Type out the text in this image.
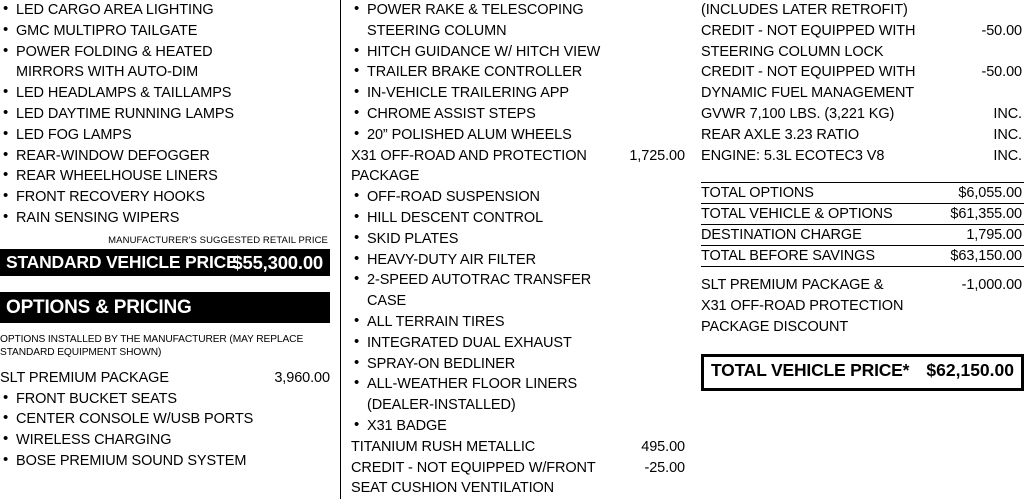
• LED CARGO AREA LIGHTING
• GMC MULTIPRO TAILGATE
• POWER FOLDING & HEATED
MIRRORS WITH AUTO-DIM
• LED HEADLAMPS & TAILLAMPS
• LED DAYTIME RUNNING LAMPS
• LED FOG LAMPS
• REAR-WINDOW DEFOGGER
• REAR WHEELHOUSE LINERS
• FRONT RECOVERY HOOKS
• RAIN SENSING WIPERS
MANUFACTURER'S SUGGESTED RETAIL PRICE
STANDARD VEHICLE PRICE
$55,300.00
OPTIONS & PRICING
OPTIONS INSTALLED BY THE MANUFACTURER (MAY REPLACE STANDARD EQUIPMENT SHOWN)
SLT PREMIUM PACKAGE	3,960.00
• FRONT BUCKET SEATS
• CENTER CONSOLE W/USB PORTS
• WIRELESS CHARGING
• BOSE PREMIUM SOUND SYSTEM
• POWER RAKE & TELESCOPING
STEERING COLUMN
• HITCH GUIDANCE W/ HITCH VIEW
• TRAILER BRAKE CONTROLLER
• IN-VEHICLE TRAILERING APP
• CHROME ASSIST STEPS
• 20” POLISHED ALUM WHEELS
X31 OFF-ROAD AND PROTECTION	1,725.00
PACKAGE
• OFF-ROAD SUSPENSION
• HILL DESCENT CONTROL
• SKID PLATES
• HEAVY-DUTY AIR FILTER
• 2-SPEED AUTOTRAC TRANSFER
CASE
• ALL TERRAIN TIRES
• INTEGRATED DUAL EXHAUST
• SPRAY-ON BEDLINER
• ALL-WEATHER FLOOR LINERS
(DEALER-INSTALLED)
• X31 BADGE
TITANIUM RUSH METALLIC	495.00
CREDIT - NOT EQUIPPED W/FRONT	-25.00
SEAT CUSHION VENTILATION
(INCLUDES LATER RETROFIT)
CREDIT - NOT EQUIPPED WITH	-50.00
STEERING COLUMN LOCK
CREDIT - NOT EQUIPPED WITH	-50.00
DYNAMIC FUEL MANAGEMENT
GVWR 7,100 LBS. (3,221 KG)	INC.
REAR AXLE 3.23 RATIO	INC.
ENGINE: 5.3L ECOTEC3 V8	INC.
TOTAL OPTIONS	$6,055.00
TOTAL VEHICLE & OPTIONS	$61,355.00
DESTINATION CHARGE	1,795.00
TOTAL BEFORE SAVINGS	$63,150.00
SLT PREMIUM PACKAGE &	-1,000.00
X31 OFF-ROAD PROTECTION
PACKAGE DISCOUNT
TOTAL VEHICLE PRICE* $62,150.00
